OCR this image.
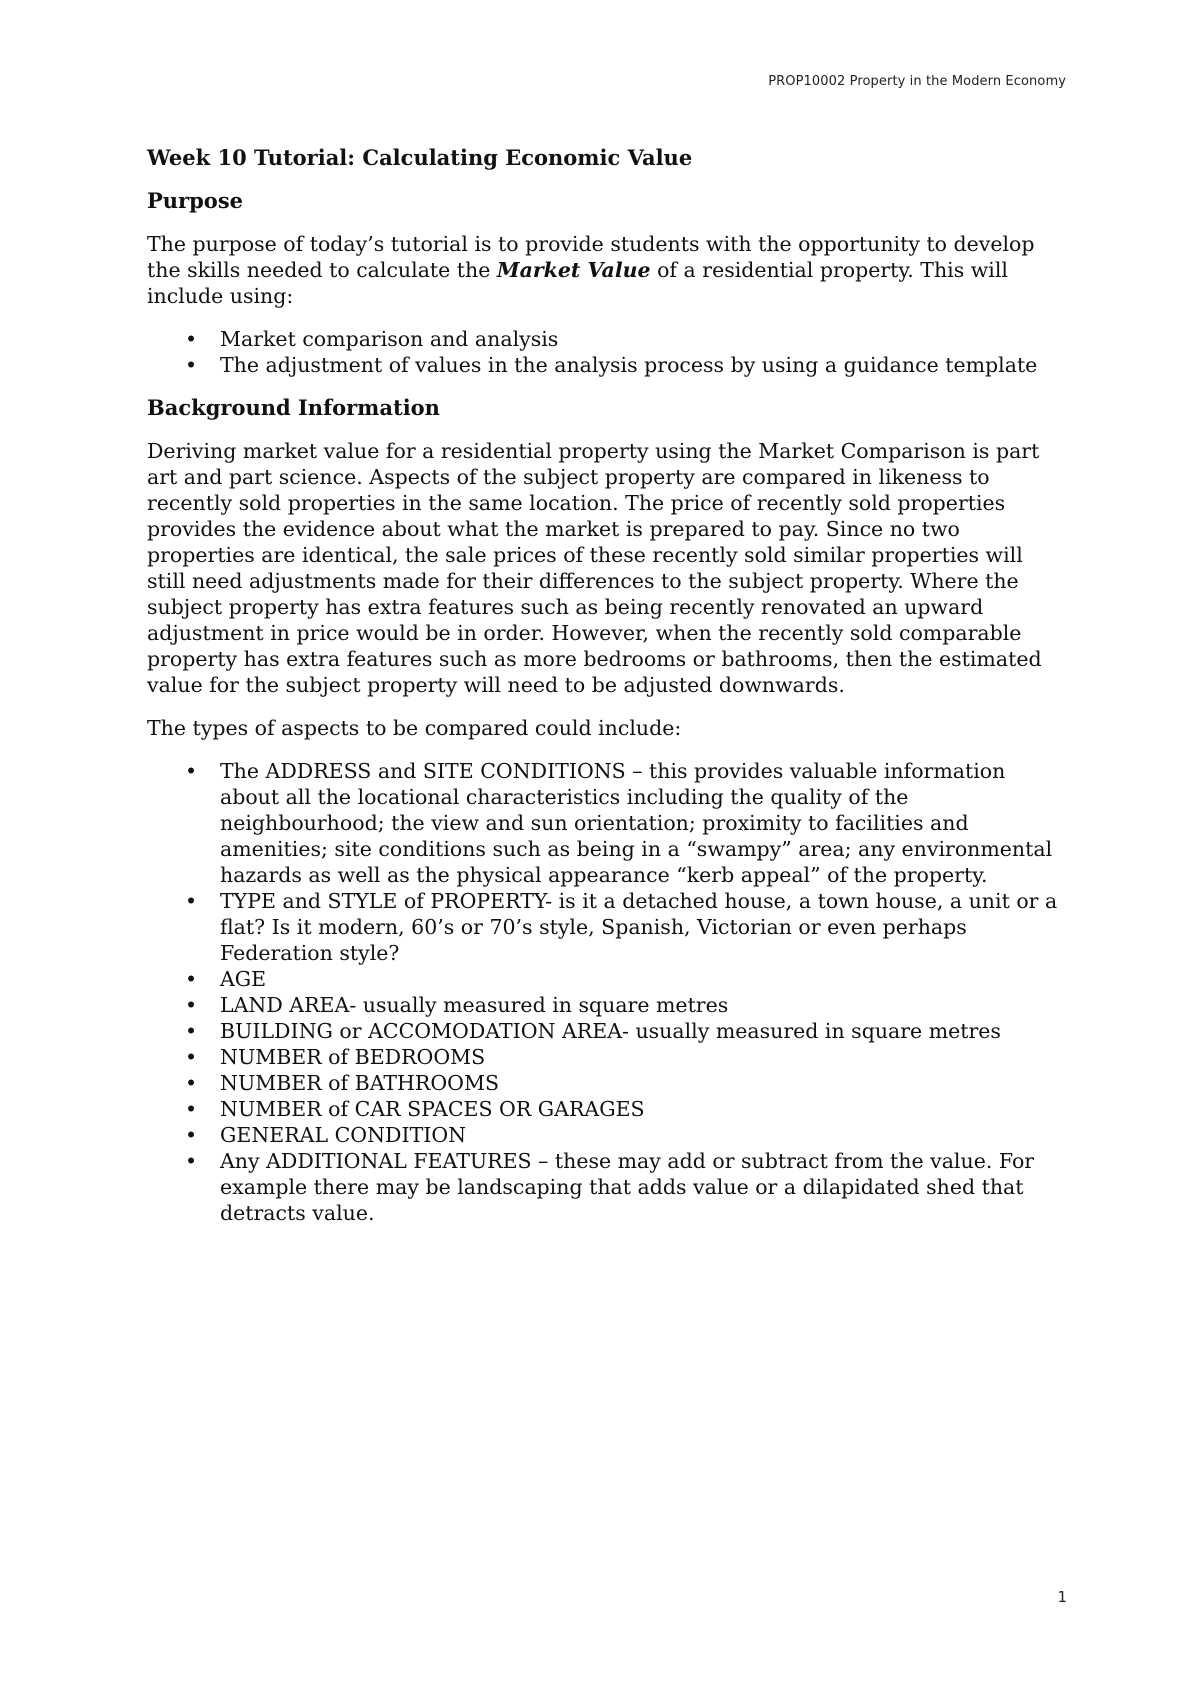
PROP10002 Property in the Modern Economy
Week 10 Tutorial: Calculating Economic Value
Purpose

The purpose of today’s tutorial is to provide students with the opportunity to develop the skills needed to calculate the Market Value of a residential property. This will include using:

• Market comparison and analysis
• The adjustment of values in the analysis process by using a guidance template
Background Information

Deriving market value for a residential property using the Market Comparison is part art and part science. Aspects of the subject property are compared in likeness to recently sold properties in the same location. The price of recently sold properties provides the evidence about what the market is prepared to pay. Since no two properties are identical, the sale prices of these recently sold similar properties will still need adjustments made for their differences to the subject property. Where the subject property has extra features such as being recently renovated an upward adjustment in price would be in order. However, when the recently sold comparable property has extra features such as more bedrooms or bathrooms, then the estimated value for the subject property will need to be adjusted downwards.

The types of aspects to be compared could include:

• The ADDRESS and SITE CONDITIONS – this provides valuable information about all the locational characteristics including the quality of the neighbourhood; the view and sun orientation; proximity to facilities and amenities; site conditions such as being in a “swampy” area; any environmental hazards as well as the physical appearance “kerb appeal” of the property.
• TYPE and STYLE of PROPERTY- is it a detached house, a town house, a unit or a flat? Is it modern, 60’s or 70’s style, Spanish, Victorian or even perhaps Federation style?
• AGE
• LAND AREA- usually measured in square metres
• BUILDING or ACCOMODATION AREA- usually measured in square metres
• NUMBER of BEDROOMS
• NUMBER of BATHROOMS
• NUMBER of CAR SPACES OR GARAGES
• GENERAL CONDITION
• Any ADDITIONAL FEATURES – these may add or subtract from the value. For example there may be landscaping that adds value or a dilapidated shed that detracts value.
1
